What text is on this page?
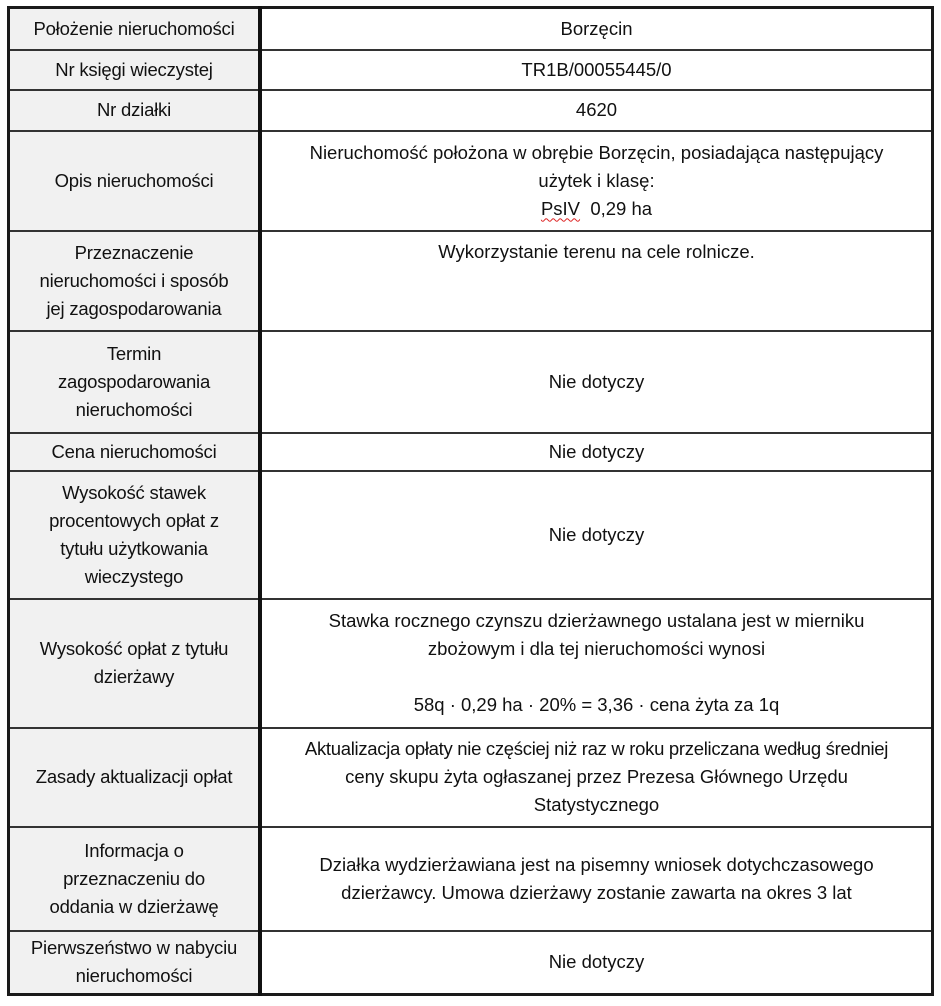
Położenie nieruchomości	Borzęcin
Nr księgi wieczystej	TR1B/00055445/0
Nr działki	4620
Opis nieruchomości	Nieruchomość położona w obrębie Borzęcin, posiadająca następujący
użytek i klasę:
PsIV 0,29 ha

Przeznaczenie
nieruchomości i sposób
jej zagospodarowania	Wykorzystanie terenu na cele rolnicze.

Termin
zagospodarowania
nieruchomości	Nie dotyczy
Cena nieruchomości	Nie dotyczy

Wysokość stawek
procentowych opłat z
tytułu użytkowania
wieczystego	Nie dotyczy

Wysokość opłat z tytułu
dzierżawy	Stawka rocznego czynszu dzierżawnego ustalana jest w mierniku
zbożowym i dla tej nieruchomości wynosi
58q · 0,29 ha · 20% = 3,36 · cena żyta za 1q

Zasady aktualizacji opłat	Aktualizacja opłaty nie częściej niż raz w roku przeliczana według średniej
ceny skupu żyta ogłaszanej przez Prezesa Głównego Urzędu
Statystycznego

Informacja o
przeznaczeniu do
oddania w dzierżawę	Działka wydzierżawiana jest na pisemny wniosek dotychczasowego
dzierżawcy. Umowa dzierżawy zostanie zawarta na okres 3 lat

Pierwszeństwo w nabyciu
nieruchomości	Nie dotyczy
